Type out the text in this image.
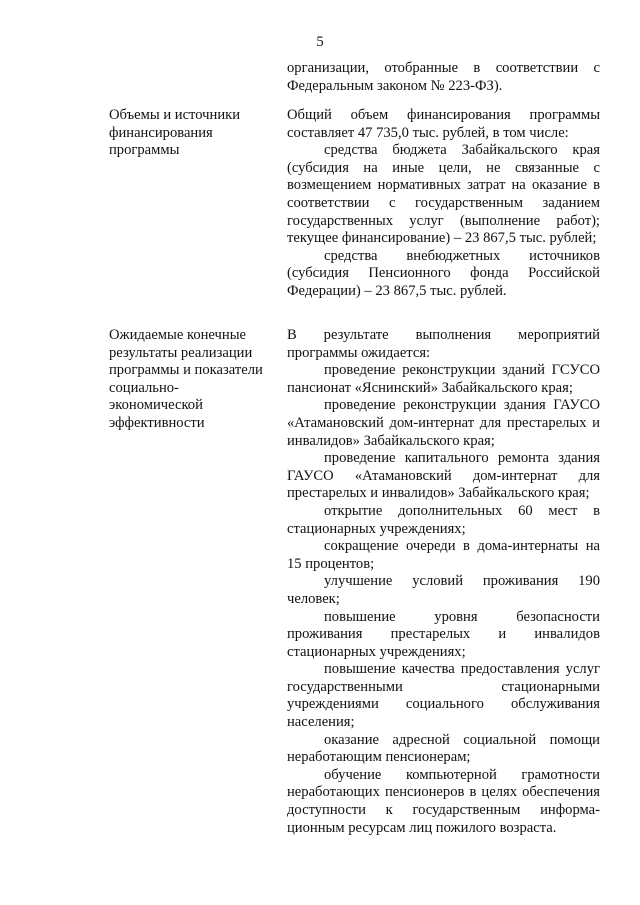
5

организации, отобранные в соответствии с Федеральным законом № 223-ФЗ).

Объемы и источники
финансирования
программы

Общий объем финансирования программы составляет 47 735,0 тыс. рублей, в том числе:

средства бюджета Забайкальского края (субсидия на иные цели, не связанные с возмещением нормативных затрат на оказание в соответствии с государственным заданием государственных услуг (выполнение работ); текущее финансирование) – 23 867,5 тыс. рублей;

средства внебюджетных источников (субсидия Пенсионного фонда Российской Федерации) – 23 867,5 тыс. рублей.

Ожидаемые конечные
результаты реализации
программы и показатели
социально-
экономической
эффективности

В результате выполнения мероприятий программы ожидается:

проведение реконструкции зданий ГСУСО пансионат «Яснинский» Забайкальского края;

проведение реконструкции здания ГАУСО «Атамановский дом-интернат для престарелых и инвалидов» Забайкальского края;

проведение капитального ремонта здания ГАУСО «Атамановский дом-интернат для престарелых и инвалидов» Забайкальского края;

открытие дополнительных 60 мест в стационарных учреждениях;

сокращение очереди в дома-интернаты на 15 процентов;

улучшение условий проживания 190 человек;

повышение уровня безопасности проживания престарелых и инвалидов стационарных учреждениях;

повышение качества предоставления услуг государственными стационарными учреждениями социального обслуживания населения;

оказание адресной социальной помощи неработающим пенсионерам;

обучение компьютерной грамотности неработающих пенсионеров в целях обеспечения доступности к государственным информа-ционным ресурсам лиц пожилого возраста.
